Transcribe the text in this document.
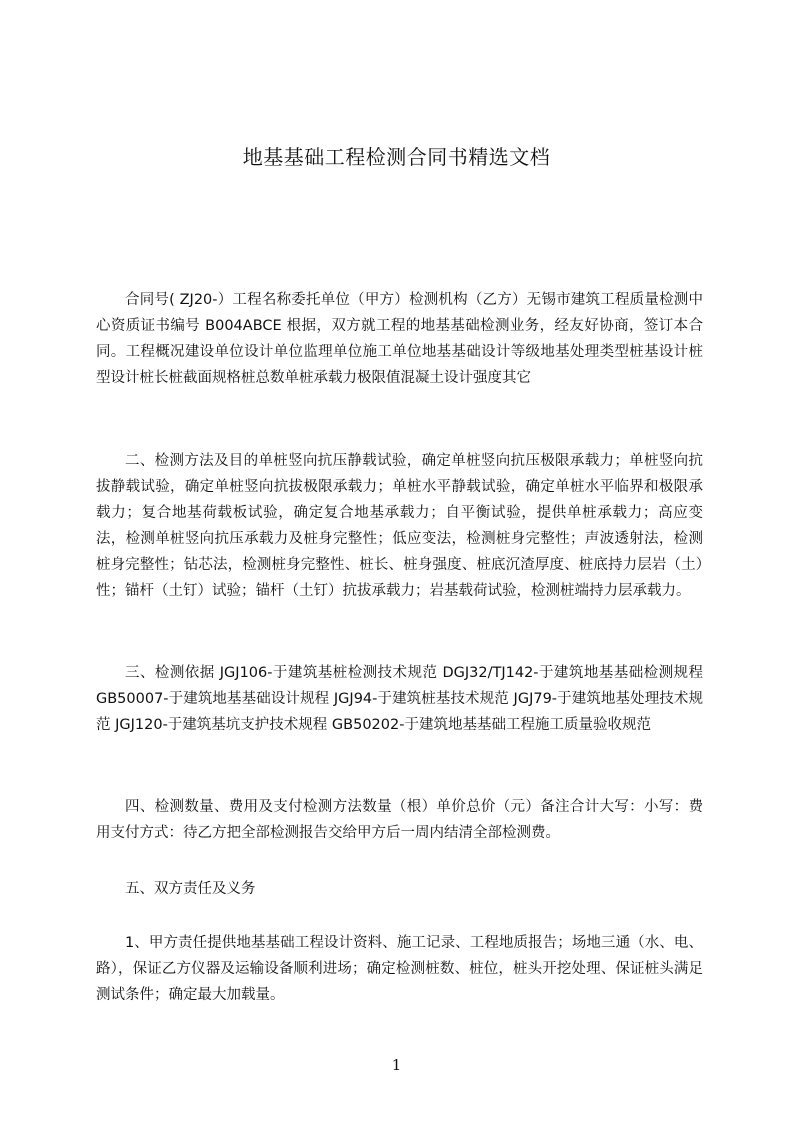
地基基础工程检测合同书精选文档

合同号( ZJ20-）工程名称委托单位（甲方）检测机构（乙方）无锡市建筑工程质量检测中心资质证书编号 B004ABCE 根据，双方就工程的地基基础检测业务，经友好协商，签订本合同。工程概况建设单位设计单位监理单位施工单位地基基础设计等级地基处理类型桩基设计桩型设计桩长桩截面规格桩总数单桩承载力极限值混凝土设计强度其它

二、检测方法及目的单桩竖向抗压静载试验，确定单桩竖向抗压极限承载力；单桩竖向抗拔静载试验，确定单桩竖向抗拔极限承载力；单桩水平静载试验，确定单桩水平临界和极限承载力；复合地基荷载板试验，确定复合地基承载力；自平衡试验，提供单桩承载力；高应变法，检测单桩竖向抗压承载力及桩身完整性；低应变法，检测桩身完整性；声波透射法，检测桩身完整性；钻芯法，检测桩身完整性、桩长、桩身强度、桩底沉渣厚度、桩底持力层岩（土）性；锚杆（土钉）试验；锚杆（土钉）抗拔承载力；岩基载荷试验，检测桩端持力层承载力。

三、检测依据 JGJ106-于建筑基桩检测技术规范 DGJ32/TJ142-于建筑地基基础检测规程 GB50007-于建筑地基基础设计规程 JGJ94-于建筑桩基技术规范 JGJ79-于建筑地基处理技术规范 JGJ120-于建筑基坑支护技术规程 GB50202-于建筑地基基础工程施工质量验收规范

四、检测数量、费用及支付检测方法数量（根）单价总价（元）备注合计大写：小写：费用支付方式：待乙方把全部检测报告交给甲方后一周内结清全部检测费。

五、双方责任及义务

1、甲方责任提供地基基础工程设计资料、施工记录、工程地质报告；场地三通（水、电、路），保证乙方仪器及运输设备顺利进场；确定检测桩数、桩位，桩头开挖处理、保证桩头满足测试条件；确定最大加载量。

1
